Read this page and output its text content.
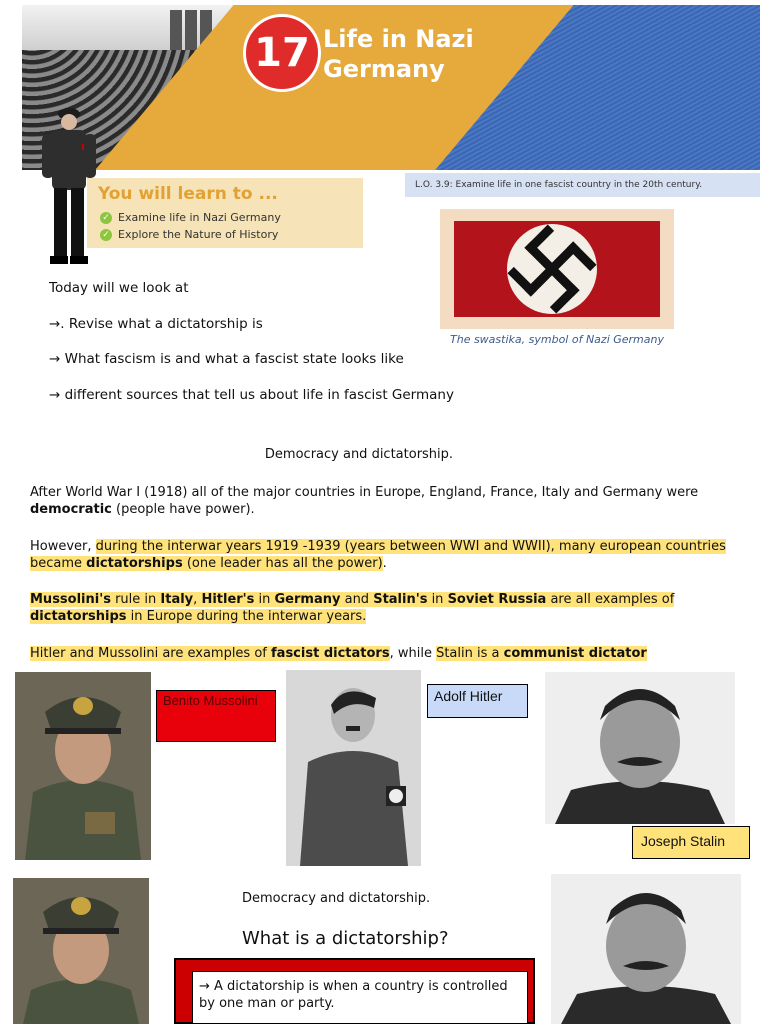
17 Life in Nazi
Germany
L.O. 3.9: Examine life in one fascist country in the 20th century.
You will learn to ...
✓ Examine life in Nazi Germany
✓ Explore the Nature of History
The swastika, symbol of Nazi Germany
Today will we look at
→. Revise what a dictatorship is
→ What fascism is and what a fascist state looks like
→ different sources that tell us about life in fascist Germany
Democracy and dictatorship.
After World War I (1918) all of the major countries in Europe, England, France, Italy and Germany were democratic (people have power).
However, during the interwar years 1919 -1939 (years between WWI and WWII), many european countries became dictatorships (one leader has all the power).
Mussolini's rule in Italy, Hitler's in Germany and Stalin's in Soviet Russia are all examples of dictatorships in Europe during the interwar years.
Hitler and Mussolini are examples of fascist dictators, while Stalin is a communist dictator
Benito Mussolini	Adolf Hitler
Joseph Stalin
Democracy and dictatorship.
What is a dictatorship?
→ A dictatorship is when a country is controlled by one man or party.
